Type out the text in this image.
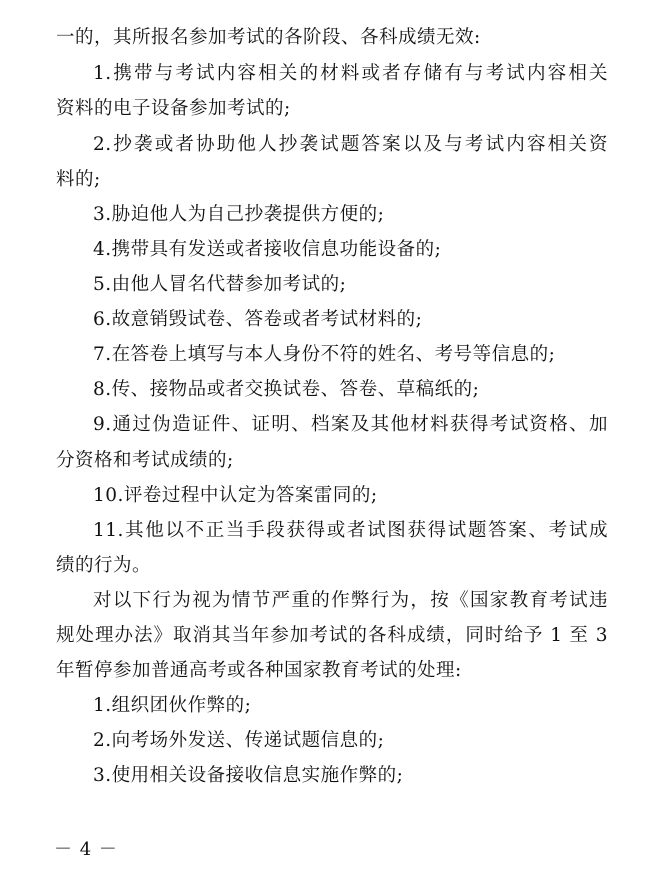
一的，其所报名参加考试的各阶段、各科成绩无效:
1.携带与考试内容相关的材料或者存储有与考试内容相关
资料的电子设备参加考试的;
2.抄袭或者协助他人抄袭试题答案以及与考试内容相关资
料的;
3.胁迫他人为自己抄袭提供方便的;
4.携带具有发送或者接收信息功能设备的;
5.由他人冒名代替参加考试的;
6.故意销毁试卷、答卷或者考试材料的;
7.在答卷上填写与本人身份不符的姓名、考号等信息的;
8.传、接物品或者交换试卷、答卷、草稿纸的;
9.通过伪造证件、证明、档案及其他材料获得考试资格、加
分资格和考试成绩的;
10.评卷过程中认定为答案雷同的;
11.其他以不正当手段获得或者试图获得试题答案、考试成
绩的行为。
对以下行为视为情节严重的作弊行为，按《国家教育考试违
规处理办法》取消其当年参加考试的各科成绩，同时给予 1 至 3
年暂停参加普通高考或各种国家教育考试的处理:
1.组织团伙作弊的;
2.向考场外发送、传递试题信息的;
3.使用相关设备接收信息实施作弊的;
－ 4 －
